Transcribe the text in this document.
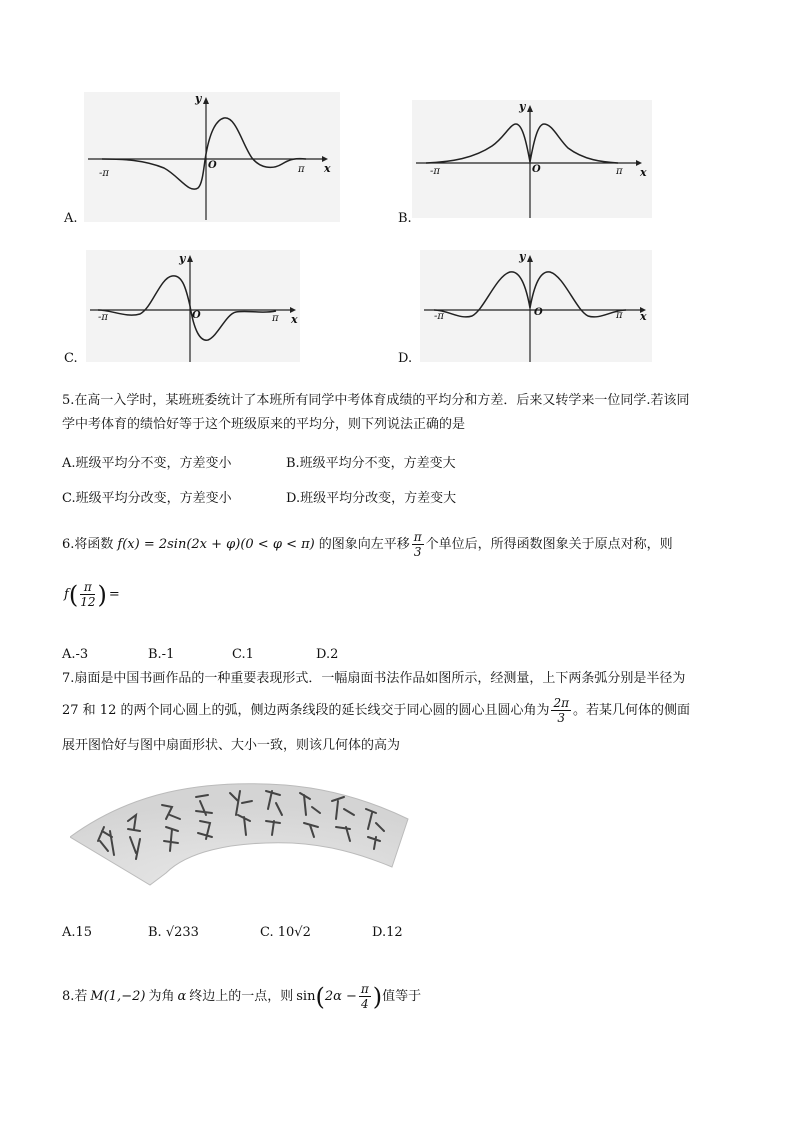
-π	π
O	x
y
A.
-π	π
O	x
y
B.
-π	π
O	x
y
C.
-π	π
O	x
y
D.
5.在高一入学时，某班班委统计了本班所有同学中考体育成绩的平均分和方差．后来又转学来一位同学.若该同
学中考体育的绩恰好等于这个班级原来的平均分，则下列说法正确的是
A.班级平均分不变，方差变小	B.班级平均分不变，方差变大
C.班级平均分改变，方差变小	D.班级平均分改变，方差变大
6.将函数 f(x) = 2sin(2x + φ)(0 < φ < π) 的图象向左平移 $\frac{\pi}{3}$ 个单位后，所得函数图象关于原点对称，则
f ( $\frac{\pi}{12}$ ) =
A.-3	B.-1	C.1	D.2
7.扇面是中国书画作品的一种重要表现形式．一幅扇面书法作品如图所示，经测量，上下两条弧分别是半径为
27 和 12 的两个同心圆上的弧，侧边两条线段的延长线交于同心圆的圆心且圆心角为 $\frac{2\pi}{3}$ 。若某几何体的侧面
展开图恰好与图中扇面形状、大小一致，则该几何体的高为
A.15	B. √233	C. 10√2	D.12
8.若 M(1,−2) 为角 α 终边上的一点，则 sin ( $2\alpha - \frac{\pi}{4}$ ) 值等于
